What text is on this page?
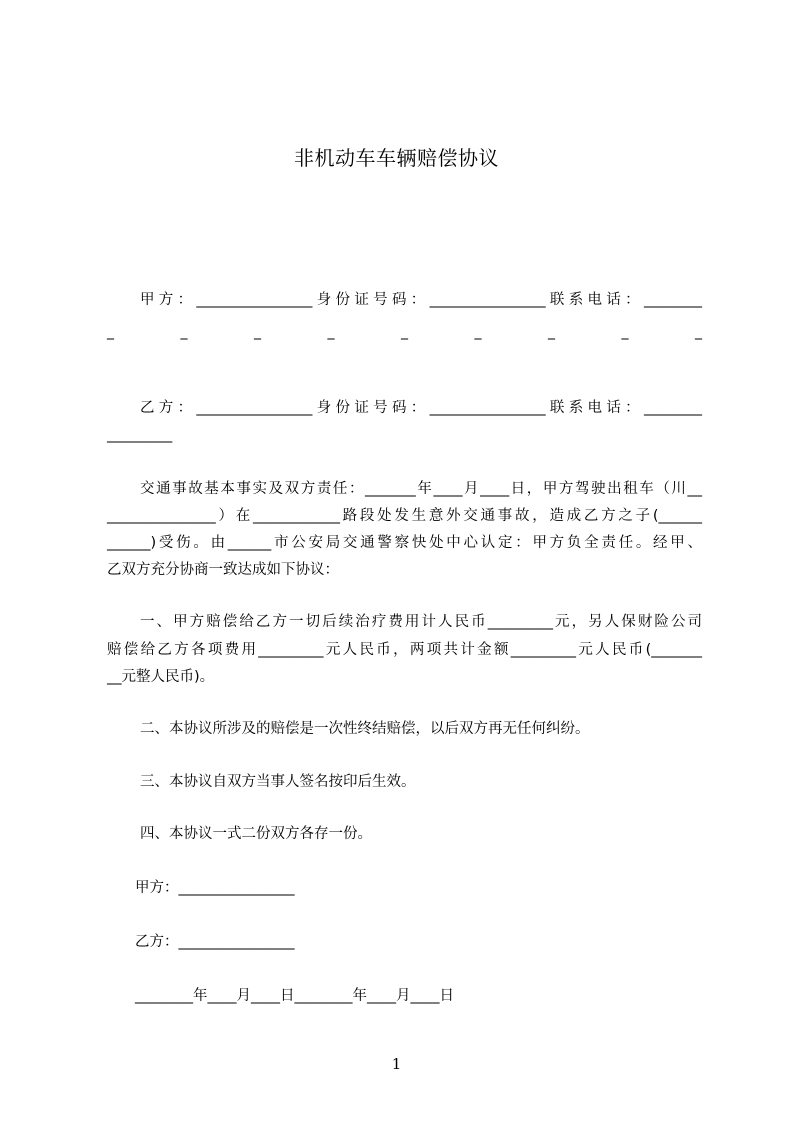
非机动车车辆赔偿协议
甲方：________________身份证号码：________________联系电话：________
_	_	_	_	_	_	_	_	_
乙方：________________身份证号码：________________联系电话：________
_________
交通事故基本事实及双方责任：_______年____月____日，甲方驾驶出租车（川__
_______________）在____________路段处发生意外交通事故，造成乙方之子(______
______)受伤。由______市公安局交通警察快处中心认定：甲方负全责任。经甲、
乙双方充分协商一致达成如下协议：
一、甲方赔偿给乙方一切后续治疗费用计人民币_________元，另人保财险公司
赔偿给乙方各项费用_________元人民币，两项共计金额_________元人民币(_______
__元整人民币)。
二、本协议所涉及的赔偿是一次性终结赔偿，以后双方再无任何纠纷。
三、本协议自双方当事人签名按印后生效。
四、本协议一式二份双方各存一份。
甲方：________________
乙方：________________
________年____月____日________年____月____日
1
